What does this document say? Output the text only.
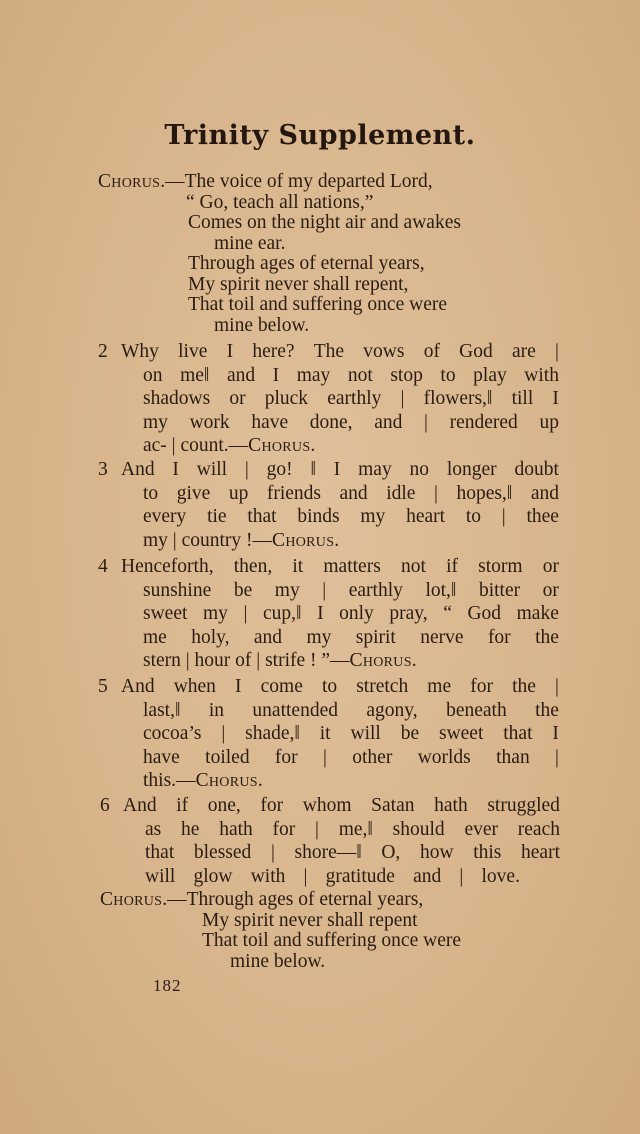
Trinity Supplement.
Chorus.—The voice of my departed Lord,
“ Go, teach all nations,”
Comes on the night air and awakes
mine ear.
Through ages of eternal years,
My spirit never shall repent,
That toil and suffering once were
mine below.
2 Why live I here? The vows of God are |
on me‖ and I may not stop to play with
shadows or pluck earthly | flowers,‖ till I
my work have done, and | rendered up
ac- | count.— Chorus.
3 And I will | go! ‖ I may no longer doubt
to give up friends and idle | hopes,‖ and
every tie that binds my heart to | thee
my | country !— Chorus.
4 Henceforth, then, it matters not if storm or
sunshine be my | earthly lot,‖ bitter or
sweet my | cup,‖ I only pray, “ God make
me holy, and my spirit nerve for the
stern | hour of | strife ! ”— Chorus.
5 And when I come to stretch me for the |
last,‖ in unattended agony, beneath the
cocoa’s | shade,‖ it will be sweet that I
have toiled for | other worlds than |
this.— Chorus.
6 And if one, for whom Satan hath struggled
as he hath for | me,‖ should ever reach
that blessed | shore—‖ O, how this heart
will glow with | gratitude and | love.
Chorus.—Through ages of eternal years,
My spirit never shall repent
That toil and suffering once were
mine below.
182
